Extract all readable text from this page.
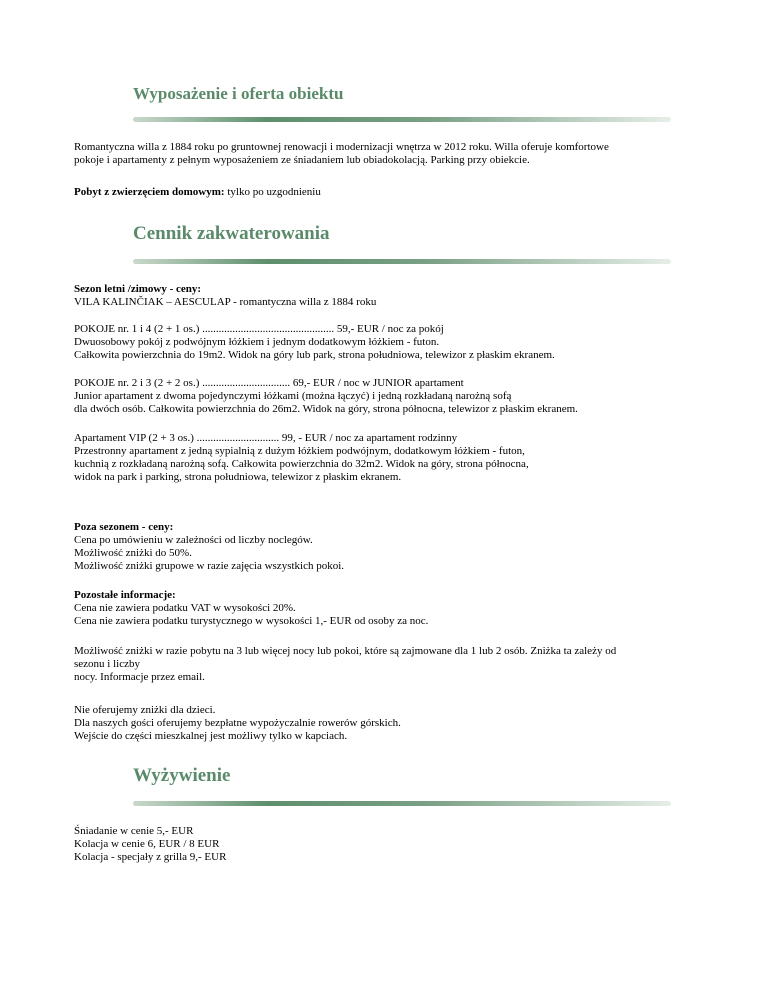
Wyposażenie i oferta obiektu

Romantyczna willa z 1884 roku po gruntownej renowacji i modernizacji wnętrza w 2012 roku. Willa oferuje komfortowe

pokoje i apartamenty z pełnym wyposażeniem ze śniadaniem lub obiadokolacją. Parking przy obiekcie.

Pobyt z zwierzęciem domowym: tylko po uzgodnieniu

Cennik zakwaterowania

Sezon letni /zimowy - ceny:

VILA KALINČIAK – AESCULAP - romantyczna willa z 1884 roku

POKOJE nr. 1 i 4 (2 + 1 os.) ................................................ 59,- EUR / noc za pokój

Dwuosobowy pokój z podwójnym łóżkiem i jednym dodatkowym łóżkiem - futon.

Całkowita powierzchnia do 19m2. Widok na góry lub park, strona południowa, telewizor z płaskim ekranem.

POKOJE nr. 2 i 3 (2 + 2 os.) ................................ 69,- EUR / noc w JUNIOR apartament

Junior apartament z dwoma pojedynczymi łóżkami (można łączyć) i jedną rozkładaną narożną sofą

dla dwóch osób. Całkowita powierzchnia do 26m2. Widok na góry, strona północna, telewizor z płaskim ekranem.

Apartament VIP (2 + 3 os.) .............................. 99, - EUR / noc za apartament rodzinny

Przestronny apartament z jedną sypialnią z dużym łóżkiem podwójnym, dodatkowym łóżkiem - futon,

kuchnią z rozkładaną narożną sofą. Całkowita powierzchnia do 32m2. Widok na góry, strona północna,

widok na park i parking, strona południowa, telewizor z płaskim ekranem.

Poza sezonem - ceny:

Cena po umówieniu w zależności od liczby noclegów.

Możliwość zniżki do 50%.

Możliwość zniżki grupowe w razie zajęcia wszystkich pokoi.

Pozostałe informacje:

Cena nie zawiera podatku VAT w wysokości 20%.

Cena nie zawiera podatku turystycznego w wysokości 1,- EUR od osoby za noc.

Możliwość zniżki w razie pobytu na 3 lub więcej nocy lub pokoi, które są zajmowane dla 1 lub 2 osób. Zniżka ta zależy od

sezonu i liczby

nocy. Informacje przez email.

Nie oferujemy zniżki dla dzieci.

Dla naszych gości oferujemy bezpłatne wypożyczalnie rowerów górskich.

Wejście do części mieszkalnej jest możliwy tylko w kapciach.

Wyżywienie

Śniadanie w cenie 5,- EUR

Kolacja w cenie 6, EUR / 8 EUR

Kolacja - specjały z grilla 9,- EUR
